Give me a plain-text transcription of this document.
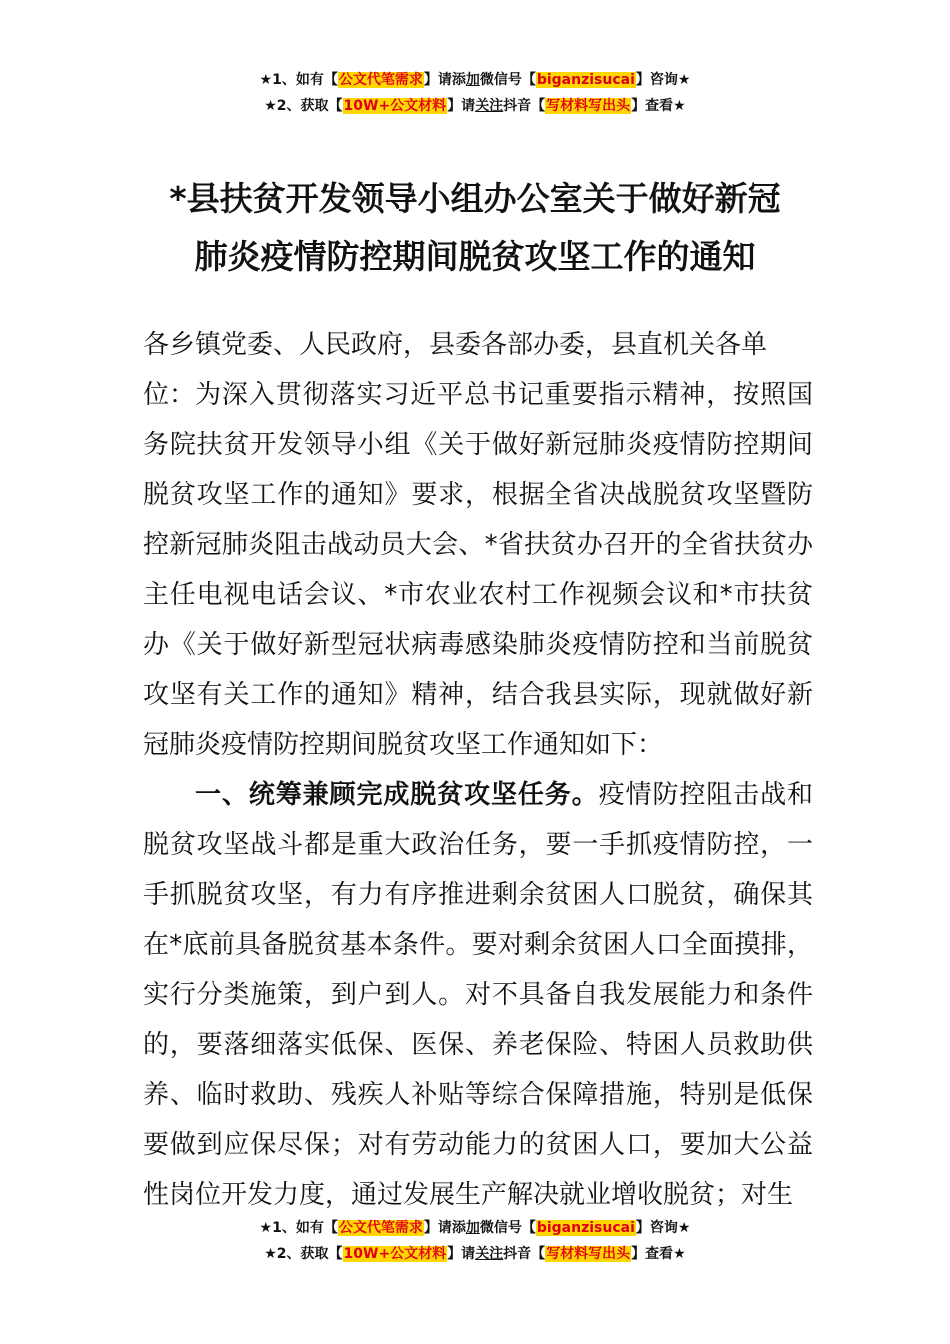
★1、如有【公文代笔需求】请添加微信号【biganzisucai】咨询★
★2、获取【10W+公文材料】请关注抖音【写材料写出头】查看★
*县扶贫开发领导小组办公室关于做好新冠
肺炎疫情防控期间脱贫攻坚工作的通知
各乡镇党委、人民政府，县委各部办委，县直机关各单位： 为深入贯彻落实习近平总书记重要指示精神，按照国务院扶贫开发领导小组《关于做好新冠肺炎疫情防控期间脱贫攻坚工作的通知》要求，根据全省决战脱贫攻坚暨防控新冠肺炎阻击战动员大会、*省扶贫办召开的全省扶贫办主任电视电话会议、*市农业农村工作视频会议和*市扶贫办《关于做好新型冠状病毒感染肺炎疫情防控和当前脱贫攻坚有关工作的通知》精神，结合我县实际，现就做好新冠肺炎疫情防控期间脱贫攻坚工作通知如下：

一、统筹兼顾完成脱贫攻坚任务。疫情防控阻击战和脱贫攻坚战斗都是重大政治任务，要一手抓疫情防控，一手抓脱贫攻坚，有力有序推进剩余贫困人口脱贫，确保其在*底前具备脱贫基本条件。要对剩余贫困人口全面摸排，实行分类施策，到户到人。对不具备自我发展能力和条件的，要落细落实低保、医保、养老保险、特困人员救助供养、临时救助、残疾人补贴等综合保障措施，特别是低保要做到应保尽保；对有劳动能力的贫困人口，要加大公益性岗位开发力度，通过发展生产解决就业增收脱贫；对生

★1、如有【公文代笔需求】请添加微信号【biganzisucai】咨询★
★2、获取【10W+公文材料】请关注抖音【写材料写出头】查看★
